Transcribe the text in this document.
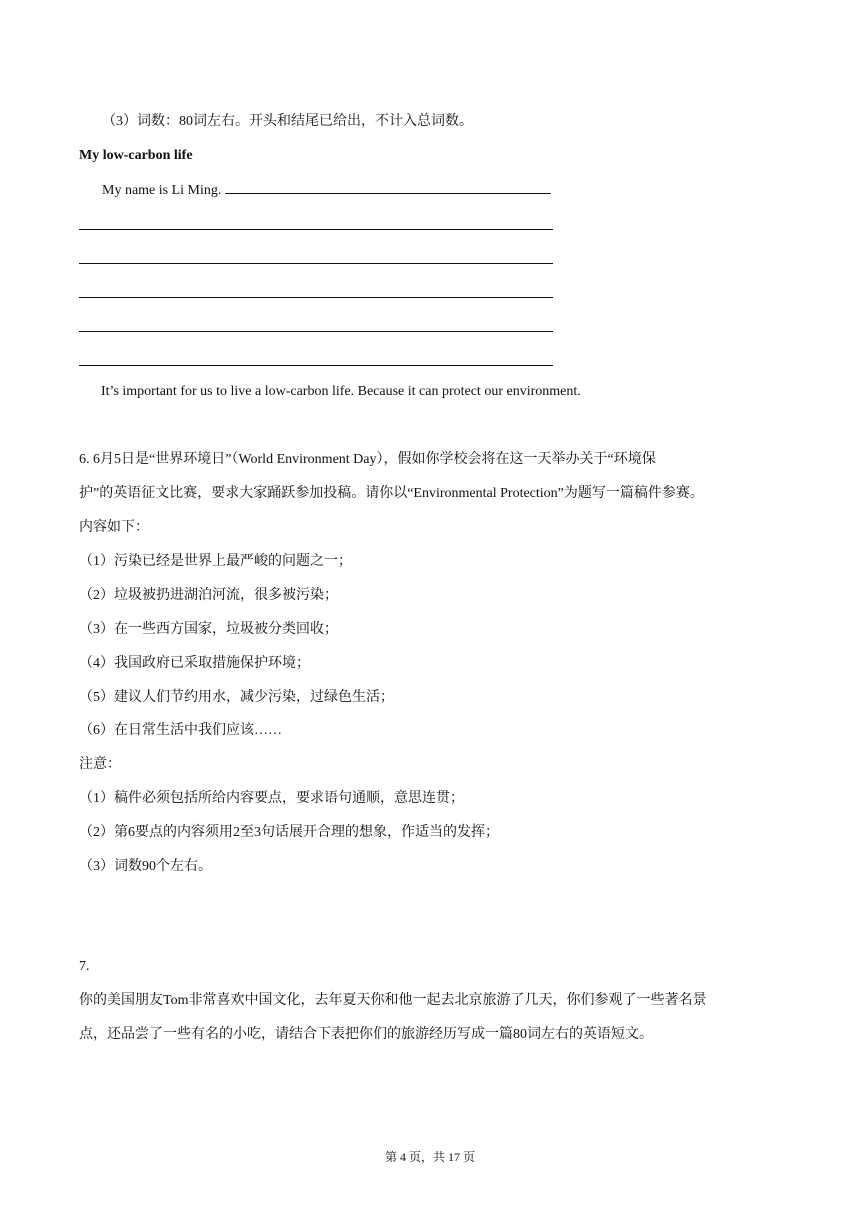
（3）词数：80词左右。开头和结尾已给出，不计入总词数。
My low-carbon life
My name is Li Ming.
It’s important for us to live a low-carbon life. Because it can protect our environment.
6. 6月5日是“世界环境日”（World Environment Day），假如你学校会将在这一天举办关于“环境保
护”的英语征文比赛，要求大家踊跃参加投稿。请你以“Environmental Protection”为题写一篇稿件参赛。
内容如下：
（1）污染已经是世界上最严峻的问题之一；
（2）垃圾被扔进湖泊河流，很多被污染；
（3）在一些西方国家，垃圾被分类回收；
（4）我国政府已采取措施保护环境；
（5）建议人们节约用水，减少污染，过绿色生活；
（6）在日常生活中我们应该……
注意：
（1）稿件必须包括所给内容要点，要求语句通顺，意思连贯；
（2）第6要点的内容须用2至3句话展开合理的想象，作适当的发挥；
（3）词数90个左右。
7.
你的美国朋友Tom非常喜欢中国文化，去年夏天你和他一起去北京旅游了几天，你们参观了一些著名景
点，还品尝了一些有名的小吃，请结合下表把你们的旅游经历写成一篇80词左右的英语短文。
第 4 页，共 17 页
